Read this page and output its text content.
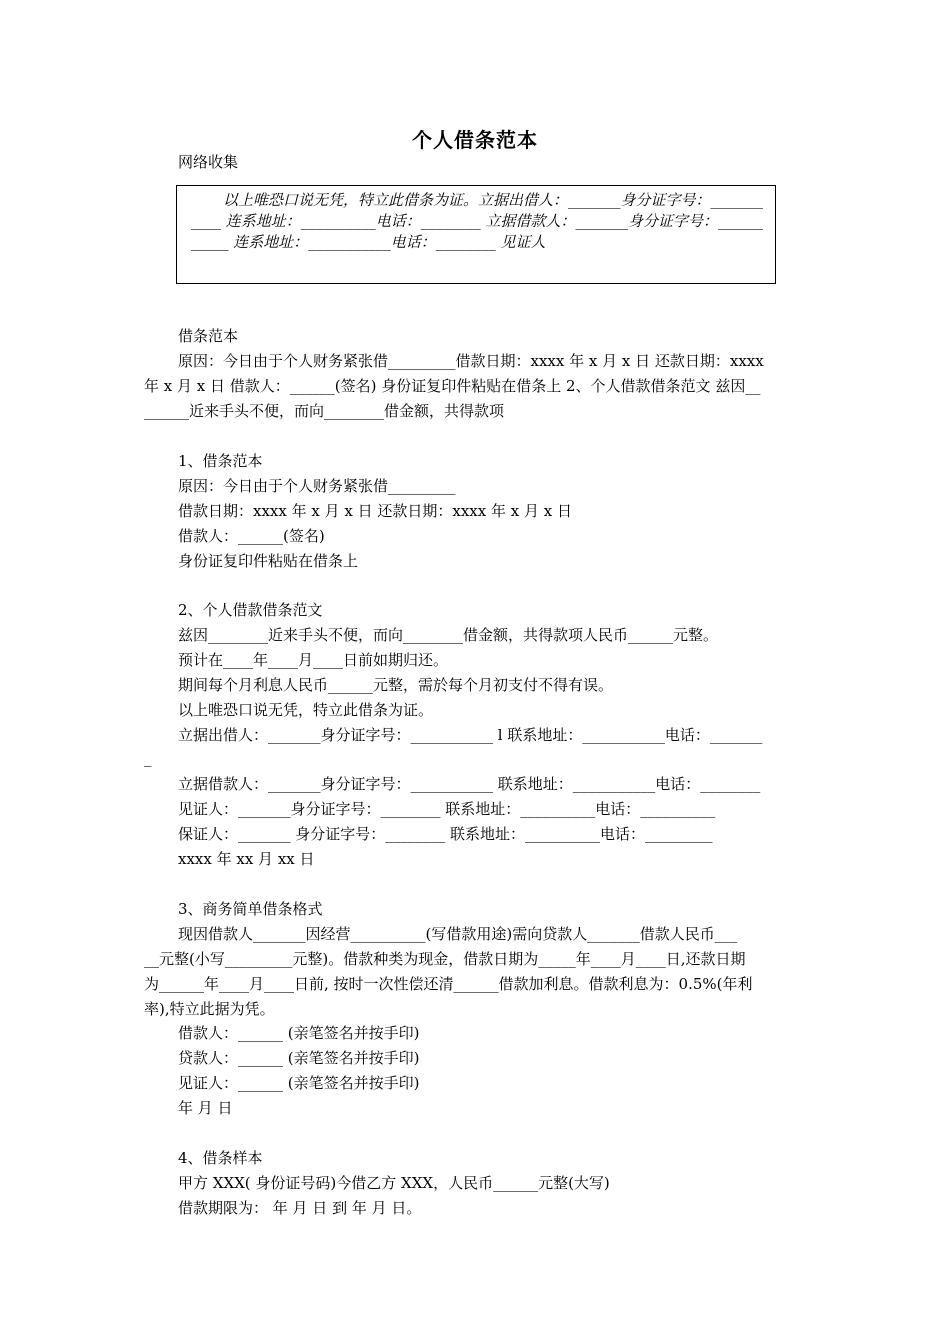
个人借条范本
网络收集
以上唯恐口说无凭，特立此借条为证。立据出借人：_______身分证字号：___________ 连系地址：__________电话：________ 立据借款人：_______身分证字号：___________ 连系地址：___________电话：________ 见证人
借条范本
原因：今日由于个人财务紧张借_________借款日期：xxxx 年 x 月 x 日 还款日期：xxxx
年 x 月 x 日 借款人：______(签名) 身份证复印件粘贴在借条上 2、个人借款借条范文 兹因__
______近来手头不便，而向________借金额，共得款项
1、借条范本
原因：今日由于个人财务紧张借_________
借款日期：xxxx 年 x 月 x 日 还款日期：xxxx 年 x 月 x 日
借款人：______(签名)
身份证复印件粘贴在借条上
2、个人借款借条范文
兹因________近来手头不便，而向________借金额，共得款项人民币______元整。
预计在____年____月____日前如期归还。
期间每个月利息人民币______元整，需於每个月初支付不得有误。
以上唯恐口说无凭，特立此借条为证。
立据出借人：_______身分证字号：___________ l 联系地址：___________电话：_______
_
立据借款人：_______身分证字号：___________ 联系地址：___________电话：________
见证人：_______身分证字号：________ 联系地址：__________电话：__________
保证人：_______ 身分证字号：________ 联系地址：__________电话：_________
xxxx 年 xx 月 xx 日
3、商务简单借条格式
现因借款人_______因经营__________(写借款用途)需向贷款人_______借款人民币___
__元整(小写_________元整)。借款种类为现金，借款日期为_____年____月____日,还款日期
为______年____月____日前, 按时一次性偿还清______借款加利息。借款利息为：0.5%(年利
率),特立此据为凭。
借款人：______ (亲笔签名并按手印)
贷款人：______ (亲笔签名并按手印)
见证人：______ (亲笔签名并按手印)
年 月 日
4、借条样本
甲方 XXX( 身份证号码)今借乙方 XXX，人民币______元整(大写)
借款期限为： 年 月 日 到 年 月 日。
